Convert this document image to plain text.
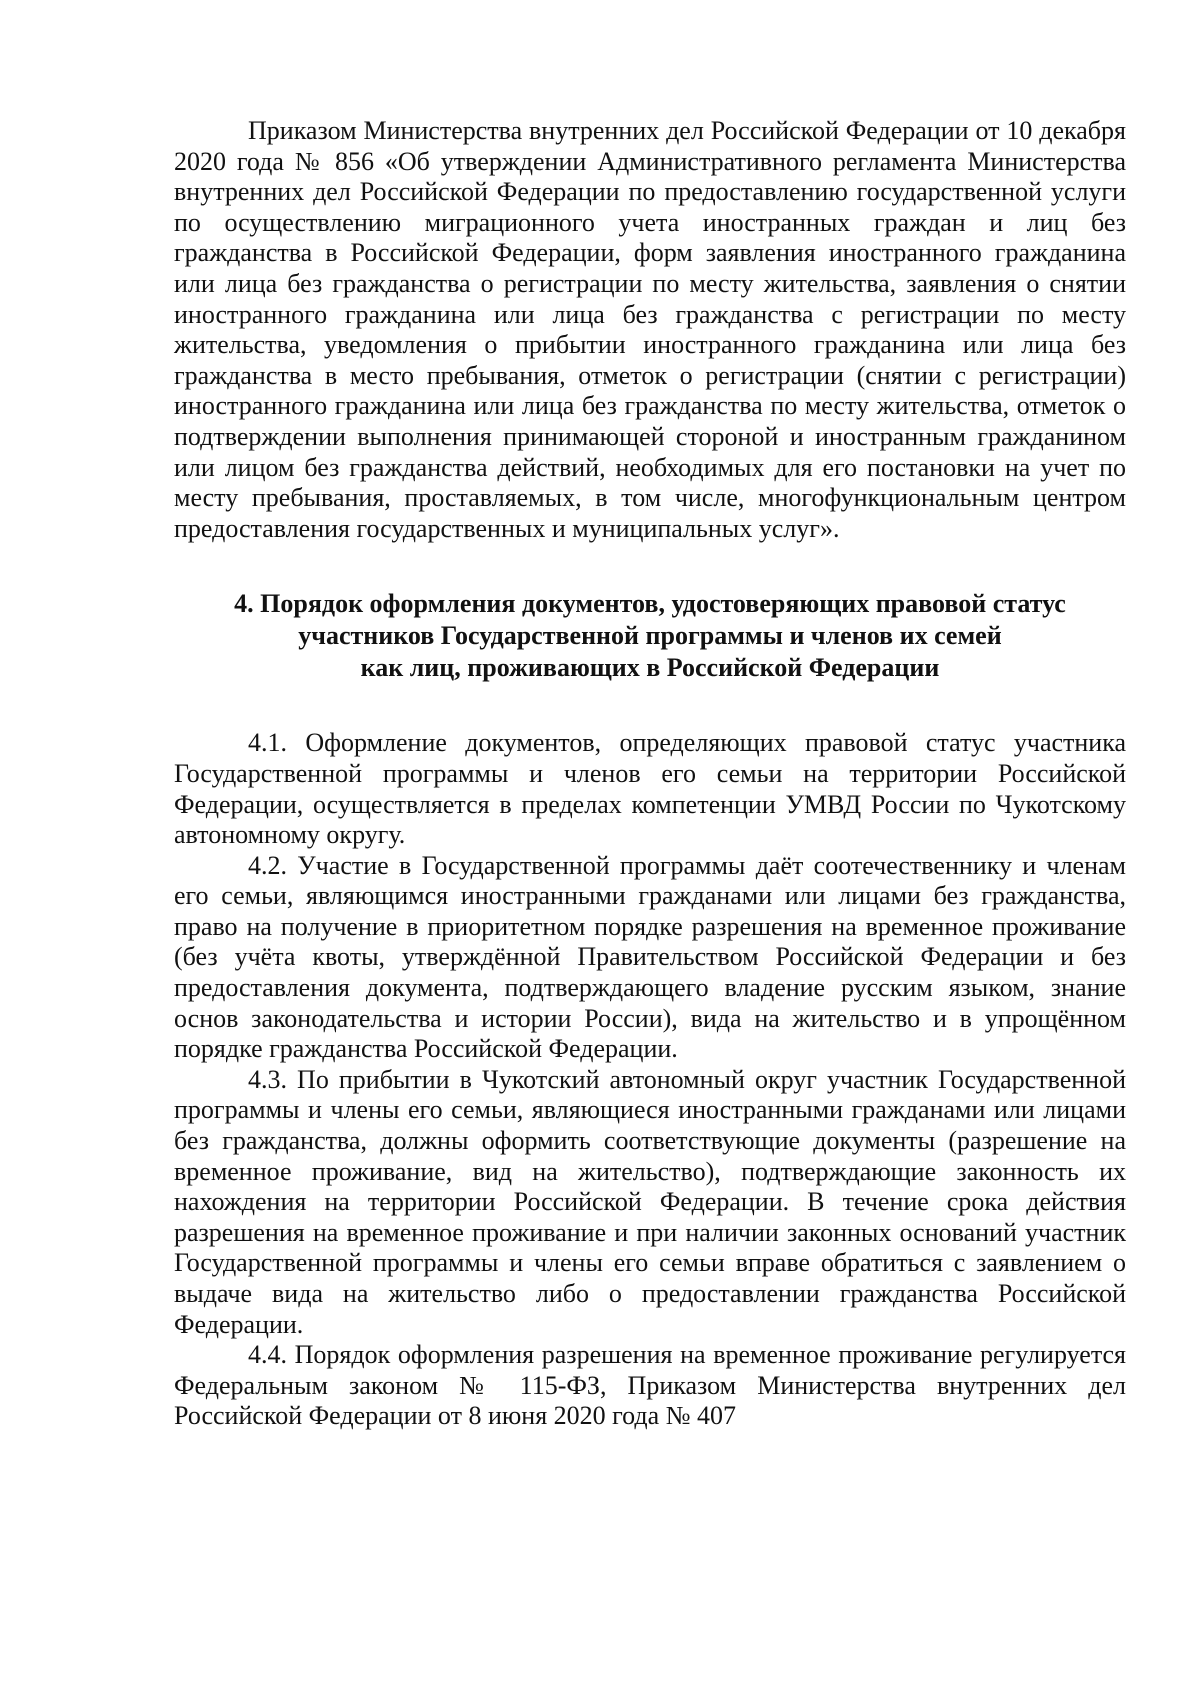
Приказом Министерства внутренних дел Российской Федерации от 10 декабря 2020 года № 856 «Об утверждении Административного регламента Министерства внутренних дел Российской Федерации по предоставлению государственной услуги по осуществлению миграционного учета иностранных граждан и лиц без гражданства в Российской Федерации, форм заявления иностранного гражданина или лица без гражданства о регистрации по месту жительства, заявления о снятии иностранного гражданина или лица без гражданства с регистрации по месту жительства, уведомления о прибытии иностранного гражданина или лица без гражданства в место пребывания, отметок о регистрации (снятии с регистрации) иностранного гражданина или лица без гражданства по месту жительства, отметок о подтверждении выполнения принимающей стороной и иностранным гражданином или лицом без гражданства действий, необходимых для его постановки на учет по месту пребывания, проставляемых, в том числе, многофункциональным центром предоставления государственных и муниципальных услуг».

4. Порядок оформления документов, удостоверяющих правовой статус
участников Государственной программы и членов их семей
как лиц, проживающих в Российской Федерации

4.1. Оформление документов, определяющих правовой статус участника Государственной программы и членов его семьи на территории Российской Федерации, осуществляется в пределах компетенции УМВД России по Чукотскому автономному округу.

4.2. Участие в Государственной программы даёт соотечественнику и членам его семьи, являющимся иностранными гражданами или лицами без гражданства, право на получение в приоритетном порядке разрешения на временное проживание (без учёта квоты, утверждённой Правительством Российской Федерации и без предоставления документа, подтверждающего владение русским языком, знание основ законодательства и истории России), вида на жительство и в упрощённом порядке гражданства Российской Федерации.

4.3. По прибытии в Чукотский автономный округ участник Государственной программы и члены его семьи, являющиеся иностранными гражданами или лицами без гражданства, должны оформить соответствующие документы (разрешение на временное проживание, вид на жительство), подтверждающие законность их нахождения на территории Российской Федерации. В течение срока действия разрешения на временное проживание и при наличии законных оснований участник Государственной программы и члены его семьи вправе обратиться с заявлением о выдаче вида на жительство либо о предоставлении гражданства Российской Федерации.

4.4. Порядок оформления разрешения на временное проживание регулируется Федеральным законом № 115-ФЗ, Приказом Министерства внутренних дел Российской Федерации от 8 июня 2020 года № 407
